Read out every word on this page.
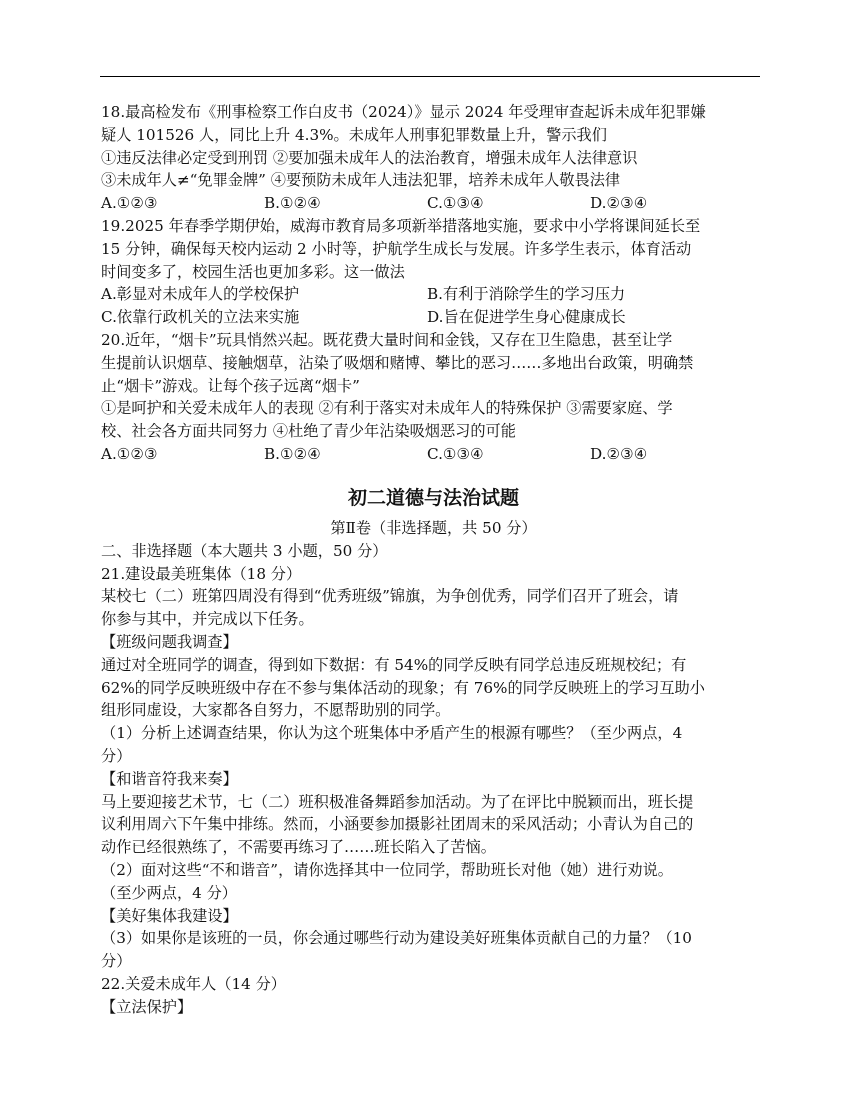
18.最高检发布《刑事检察工作白皮书（2024）》显示 2024 年受理审查起诉未成年犯罪嫌
疑人 101526 人，同比上升 4.3%。未成年人刑事犯罪数量上升，警示我们
①违反法律必定受到刑罚 ②要加强未成年人的法治教育，增强未成年人法律意识
③未成年人≠“免罪金牌” ④要预防未成年人违法犯罪，培养未成年人敬畏法律
A.①②③	B.①②④	C.①③④	D.②③④
19.2025 年春季学期伊始，威海市教育局多项新举措落地实施，要求中小学将课间延长至
15 分钟，确保每天校内运动 2 小时等，护航学生成长与发展。许多学生表示，体育活动
时间变多了，校园生活也更加多彩。这一做法
A.彰显对未成年人的学校保护	B.有利于消除学生的学习压力
C.依靠行政机关的立法来实施	D.旨在促进学生身心健康成长
20.近年，“烟卡”玩具悄然兴起。既花费大量时间和金钱，又存在卫生隐患，甚至让学
生提前认识烟草、接触烟草，沾染了吸烟和赌博、攀比的恶习……多地出台政策，明确禁
止“烟卡”游戏。让每个孩子远离“烟卡”
①是呵护和关爱未成年人的表现 ②有利于落实对未成年人的特殊保护 ③需要家庭、学
校、社会各方面共同努力 ④杜绝了青少年沾染吸烟恶习的可能
A.①②③	B.①②④	C.①③④	D.②③④
初二道德与法治试题
第Ⅱ卷（非选择题，共 50 分）
二、非选择题（本大题共 3 小题，50 分）
21.建设最美班集体（18 分）
某校七（二）班第四周没有得到“优秀班级”锦旗，为争创优秀，同学们召开了班会，请
你参与其中，并完成以下任务。
【班级问题我调查】
通过对全班同学的调查，得到如下数据：有 54%的同学反映有同学总违反班规校纪；有
62%的同学反映班级中存在不参与集体活动的现象；有 76%的同学反映班上的学习互助小
组形同虚设，大家都各自努力，不愿帮助别的同学。
（1）分析上述调查结果，你认为这个班集体中矛盾产生的根源有哪些？（至少两点，4
分）
【和谐音符我来奏】
马上要迎接艺术节，七（二）班积极准备舞蹈参加活动。为了在评比中脱颖而出，班长提
议利用周六下午集中排练。然而，小涵要参加摄影社团周末的采风活动；小青认为自己的
动作已经很熟练了，不需要再练习了……班长陷入了苦恼。
（2）面对这些“不和谐音”，请你选择其中一位同学，帮助班长对他（她）进行劝说。
（至少两点，4 分）
【美好集体我建设】
（3）如果你是该班的一员，你会通过哪些行动为建设美好班集体贡献自己的力量？（10
分）
22.关爱未成年人（14 分）
【立法保护】
